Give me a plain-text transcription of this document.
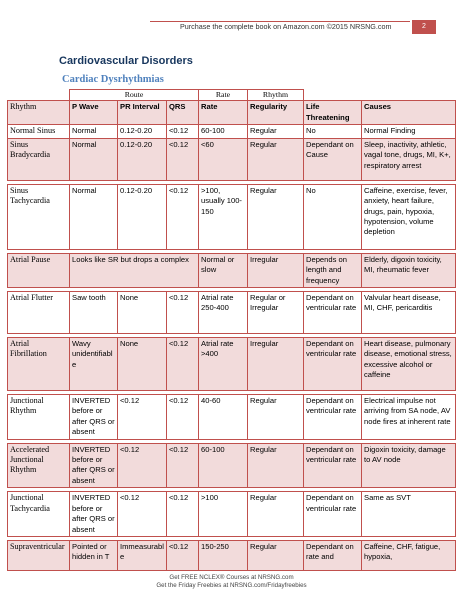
Purchase the complete book on Amazon.com ©2015 NRSNG.com	2
Cardiovascular Disorders
Cardiac Dysrhythmias
	Route			Rate	Rhythm		
Rhythm	P Wave	PR Interval	QRS	Rate	Regularity	Life Threatening	Causes
Normal Sinus	Normal	0.12-0.20	<0.12	60-100	Regular	No	Normal Finding
Sinus Bradycardia	Normal	0.12-0.20	<0.12	<60	Regular	Dependant on Cause	Sleep, inactivity, athletic, vagal tone, drugs, MI, K+, respiratory arrest

Sinus Tachycardia	Normal	0.12-0.20	<0.12	>100, usually 100-150	Regular	No	Caffeine, exercise, fever, anxiety, heart failure, drugs, pain, hypoxia, hypotension, volume depletion

Atrial Pause	Looks like SR but drops a complex			Normal or slow	Irregular	Depends on length and frequency	Elderly, digoxin toxicity, MI, rheumatic fever

Atrial Flutter	Saw tooth	None	<0.12	Atrial rate 250-400	Regular or Irregular	Dependant on ventricular rate	Valvular heart disease, MI, CHF, pericarditis

Atrial Fibrillation	Wavy unidentifiable	None	<0.12	Atrial rate >400	Irregular	Dependant on ventricular rate	Heart disease, pulmonary disease, emotional stress, excessive alcohol or caffeine

Junctional Rhythm	INVERTED before or after QRS or absent	<0.12	<0.12	40-60	Regular	Dependant on ventricular rate	Electrical impulse not arriving from SA node, AV node fires at inherent rate

Accelerated Junctional Rhythm	INVERTED before or after QRS or absent	<0.12	<0.12	60-100	Regular	Dependant on ventricular rate	Digoxin toxicity, damage to AV node

Junctional Tachycardia	INVERTED before or after QRS or absent	<0.12	<0.12	>100	Regular	Dependant on ventricular rate	Same as SVT

Supraventricular	Pointed or hidden in T	Immeasurable	<0.12	150-250	Regular	Dependant on rate and	Caffeine, CHF, fatigue, hypoxia,
Get FREE NCLEX® Courses at NRSNG.com
Get the Friday Freebies at NRSNG.com/Fridayfreebies
